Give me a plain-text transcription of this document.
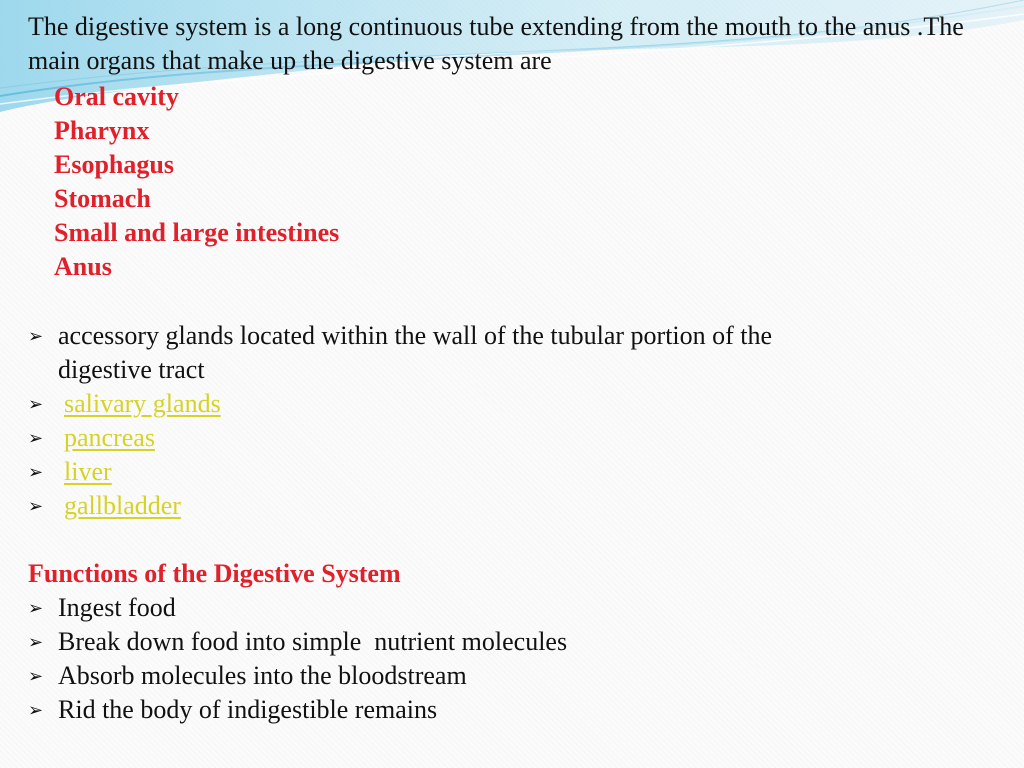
The digestive system is a long continuous tube extending from the mouth to the anus .The main organs that make up the digestive system are
Oral cavity
Pharynx
Esophagus
Stomach
Small and large intestines
Anus
➢ accessory glands located within the wall of the tubular portion of the
digestive tract
➢ salivary glands
➢ pancreas
➢ liver
➢ gallbladder
Functions of the Digestive System
➢ Ingest food
➢ Break down food into simple  nutrient molecules
➢ Absorb molecules into the bloodstream
➢ Rid the body of indigestible remains
